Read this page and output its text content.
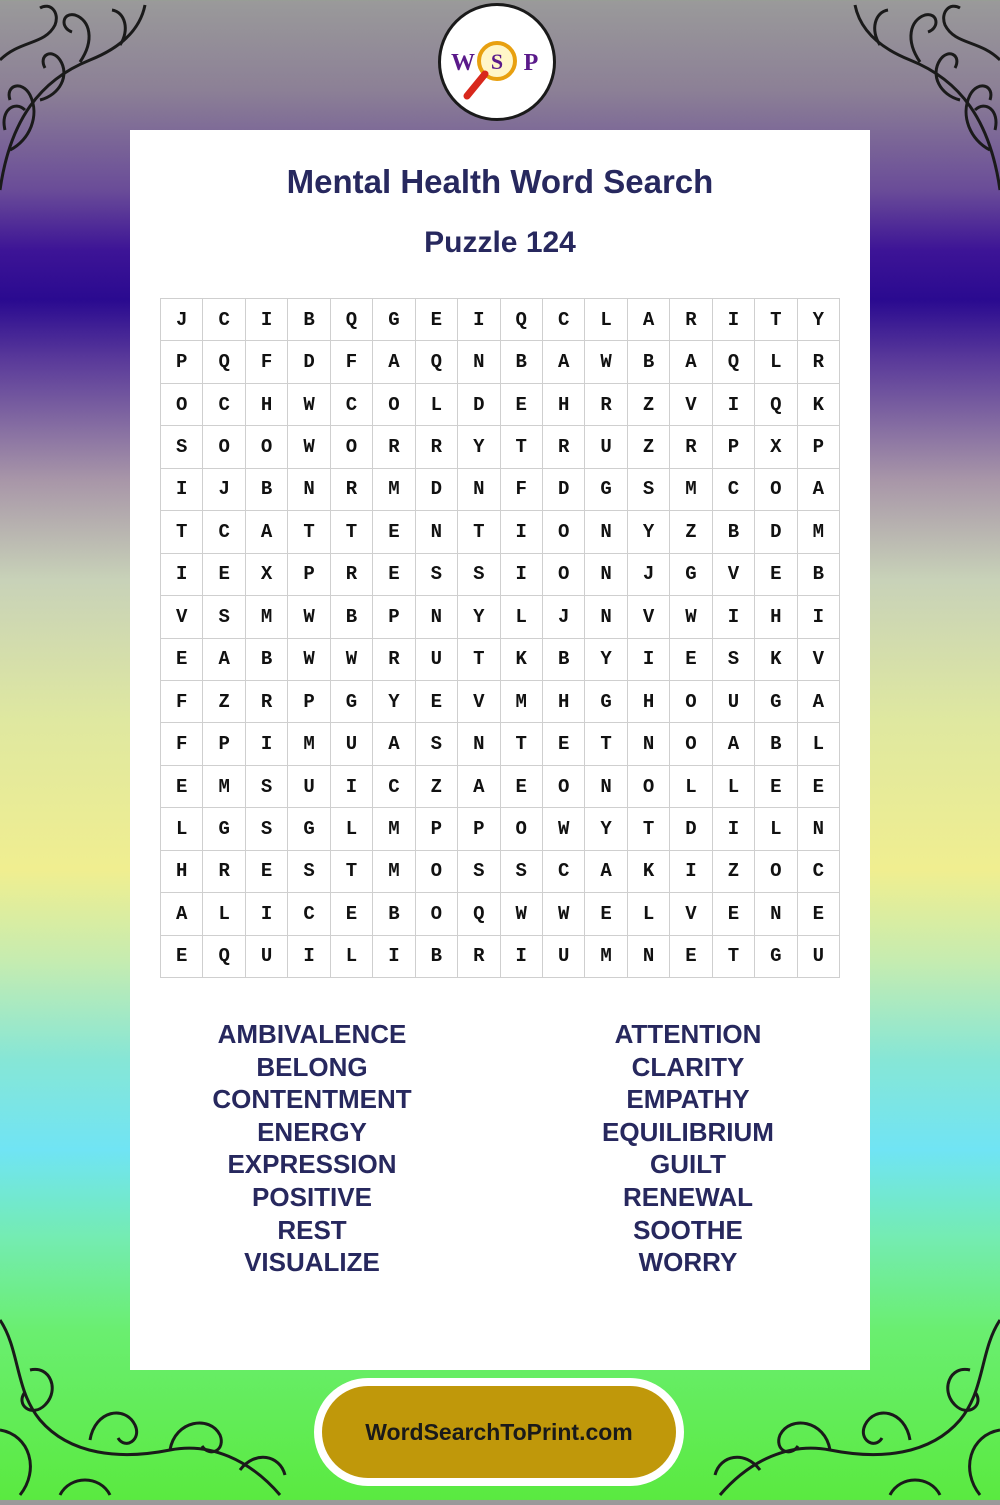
W S P
Mental Health Word Search
Puzzle 124
J	C	I	B	Q	G	E	I	Q	C	L	A	R	I	T	Y
P	Q	F	D	F	A	Q	N	B	A	W	B	A	Q	L	R
O	C	H	W	C	O	L	D	E	H	R	Z	V	I	Q	K
S	O	O	W	O	R	R	Y	T	R	U	Z	R	P	X	P
I	J	B	N	R	M	D	N	F	D	G	S	M	C	O	A
T	C	A	T	T	E	N	T	I	O	N	Y	Z	B	D	M
I	E	X	P	R	E	S	S	I	O	N	J	G	V	E	B
V	S	M	W	B	P	N	Y	L	J	N	V	W	I	H	I
E	A	B	W	W	R	U	T	K	B	Y	I	E	S	K	V
F	Z	R	P	G	Y	E	V	M	H	G	H	O	U	G	A
F	P	I	M	U	A	S	N	T	E	T	N	O	A	B	L
E	M	S	U	I	C	Z	A	E	O	N	O	L	L	E	E
L	G	S	G	L	M	P	P	O	W	Y	T	D	I	L	N
H	R	E	S	T	M	O	S	S	C	A	K	I	Z	O	C
A	L	I	C	E	B	O	Q	W	W	E	L	V	E	N	E
E	Q	U	I	L	I	B	R	I	U	M	N	E	T	G	U
AMBIVALENCE
BELONG
CONTENTMENT
ENERGY
EXPRESSION
POSITIVE
REST
VISUALIZE
ATTENTION
CLARITY
EMPATHY
EQUILIBRIUM
GUILT
RENEWAL
SOOTHE
WORRY
WordSearchToPrint.com
